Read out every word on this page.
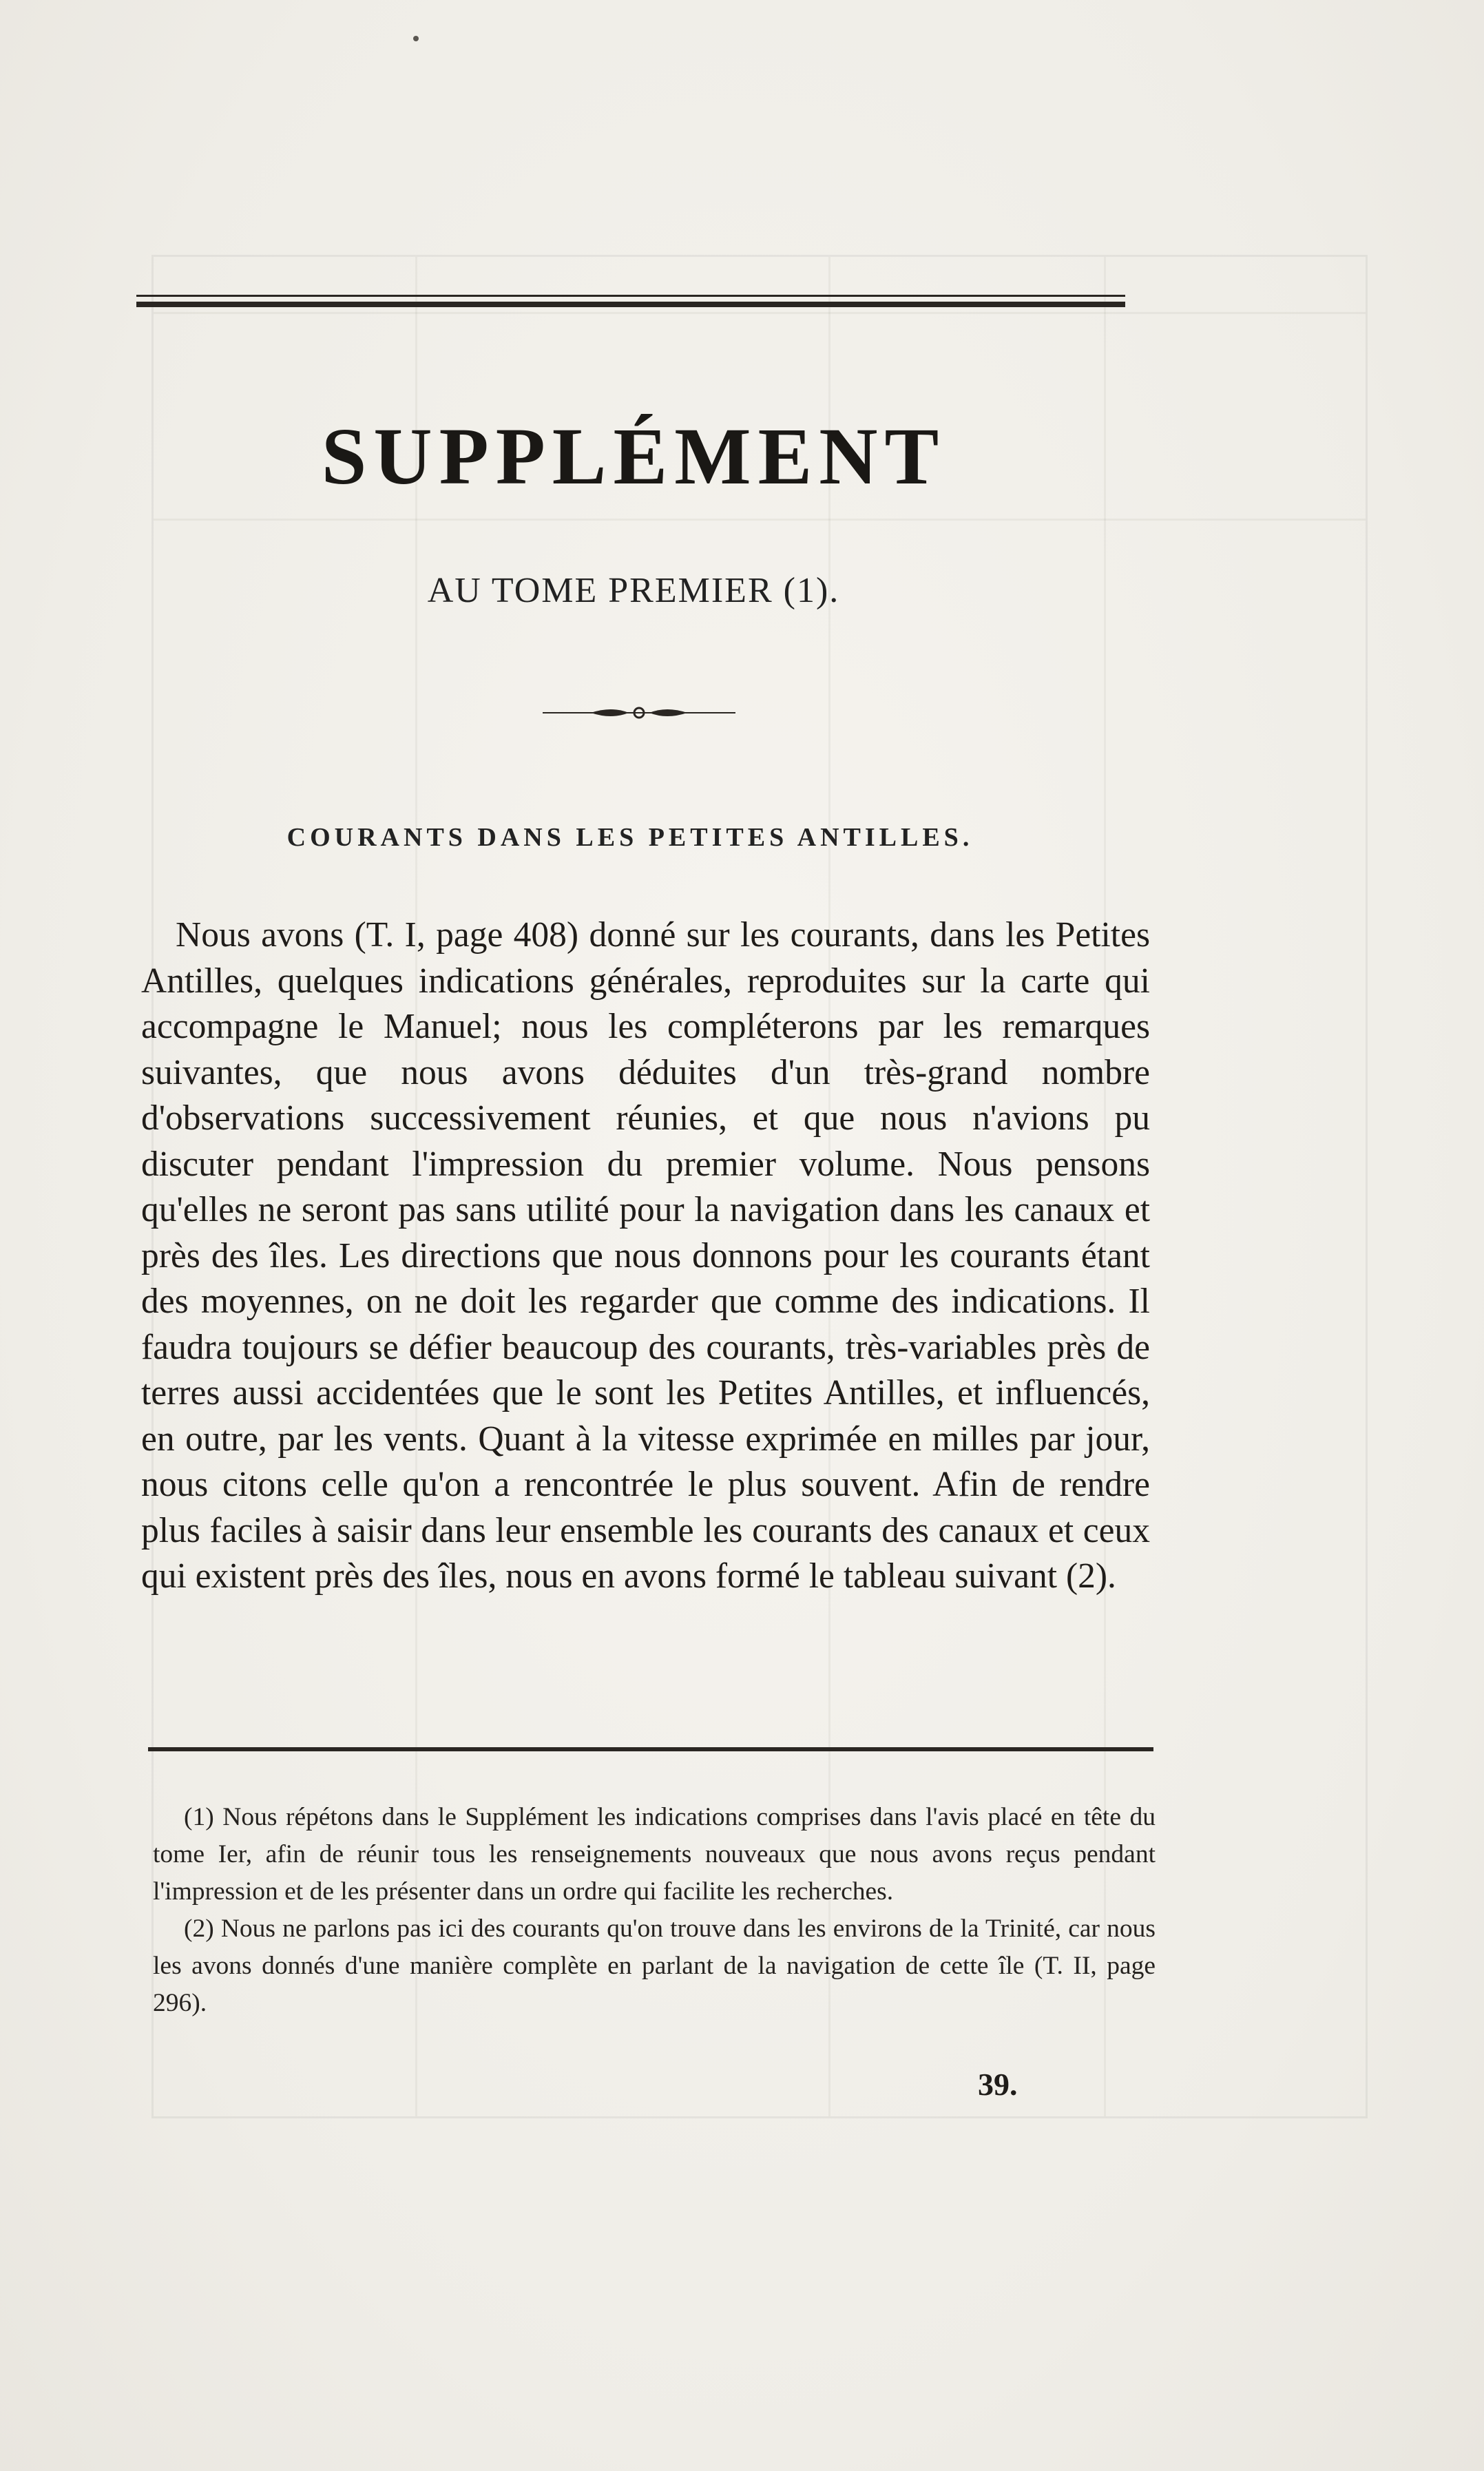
SUPPLÉMENT

AU TOME PREMIER (1).

COURANTS DANS LES PETITES ANTILLES.

Nous avons (T. I, page 408) donné sur les courants, dans les Petites Antilles, quelques indications générales, reproduites sur la carte qui accompagne le Manuel; nous les compléterons par les remarques suivantes, que nous avons déduites d'un très-grand nombre d'observations successivement réunies, et que nous n'avions pu discuter pendant l'impression du premier volume. Nous pensons qu'elles ne seront pas sans utilité pour la navigation dans les canaux et près des îles. Les directions que nous donnons pour les courants étant des moyennes, on ne doit les regarder que comme des indications. Il faudra toujours se défier beaucoup des courants, très-variables près de terres aussi accidentées que le sont les Petites Antilles, et influencés, en outre, par les vents. Quant à la vitesse exprimée en milles par jour, nous citons celle qu'on a rencontrée le plus souvent. Afin de rendre plus faciles à saisir dans leur ensemble les courants des canaux et ceux qui existent près des îles, nous en avons formé le tableau suivant (2).

(1) Nous répétons dans le Supplément les indications comprises dans l'avis placé en tête du tome Ier, afin de réunir tous les renseignements nouveaux que nous avons reçus pendant l'impression et de les présenter dans un ordre qui facilite les recherches.

(2) Nous ne parlons pas ici des courants qu'on trouve dans les environs de la Trinité, car nous les avons donnés d'une manière complète en parlant de la navigation de cette île (T. II, page 296).

39.
